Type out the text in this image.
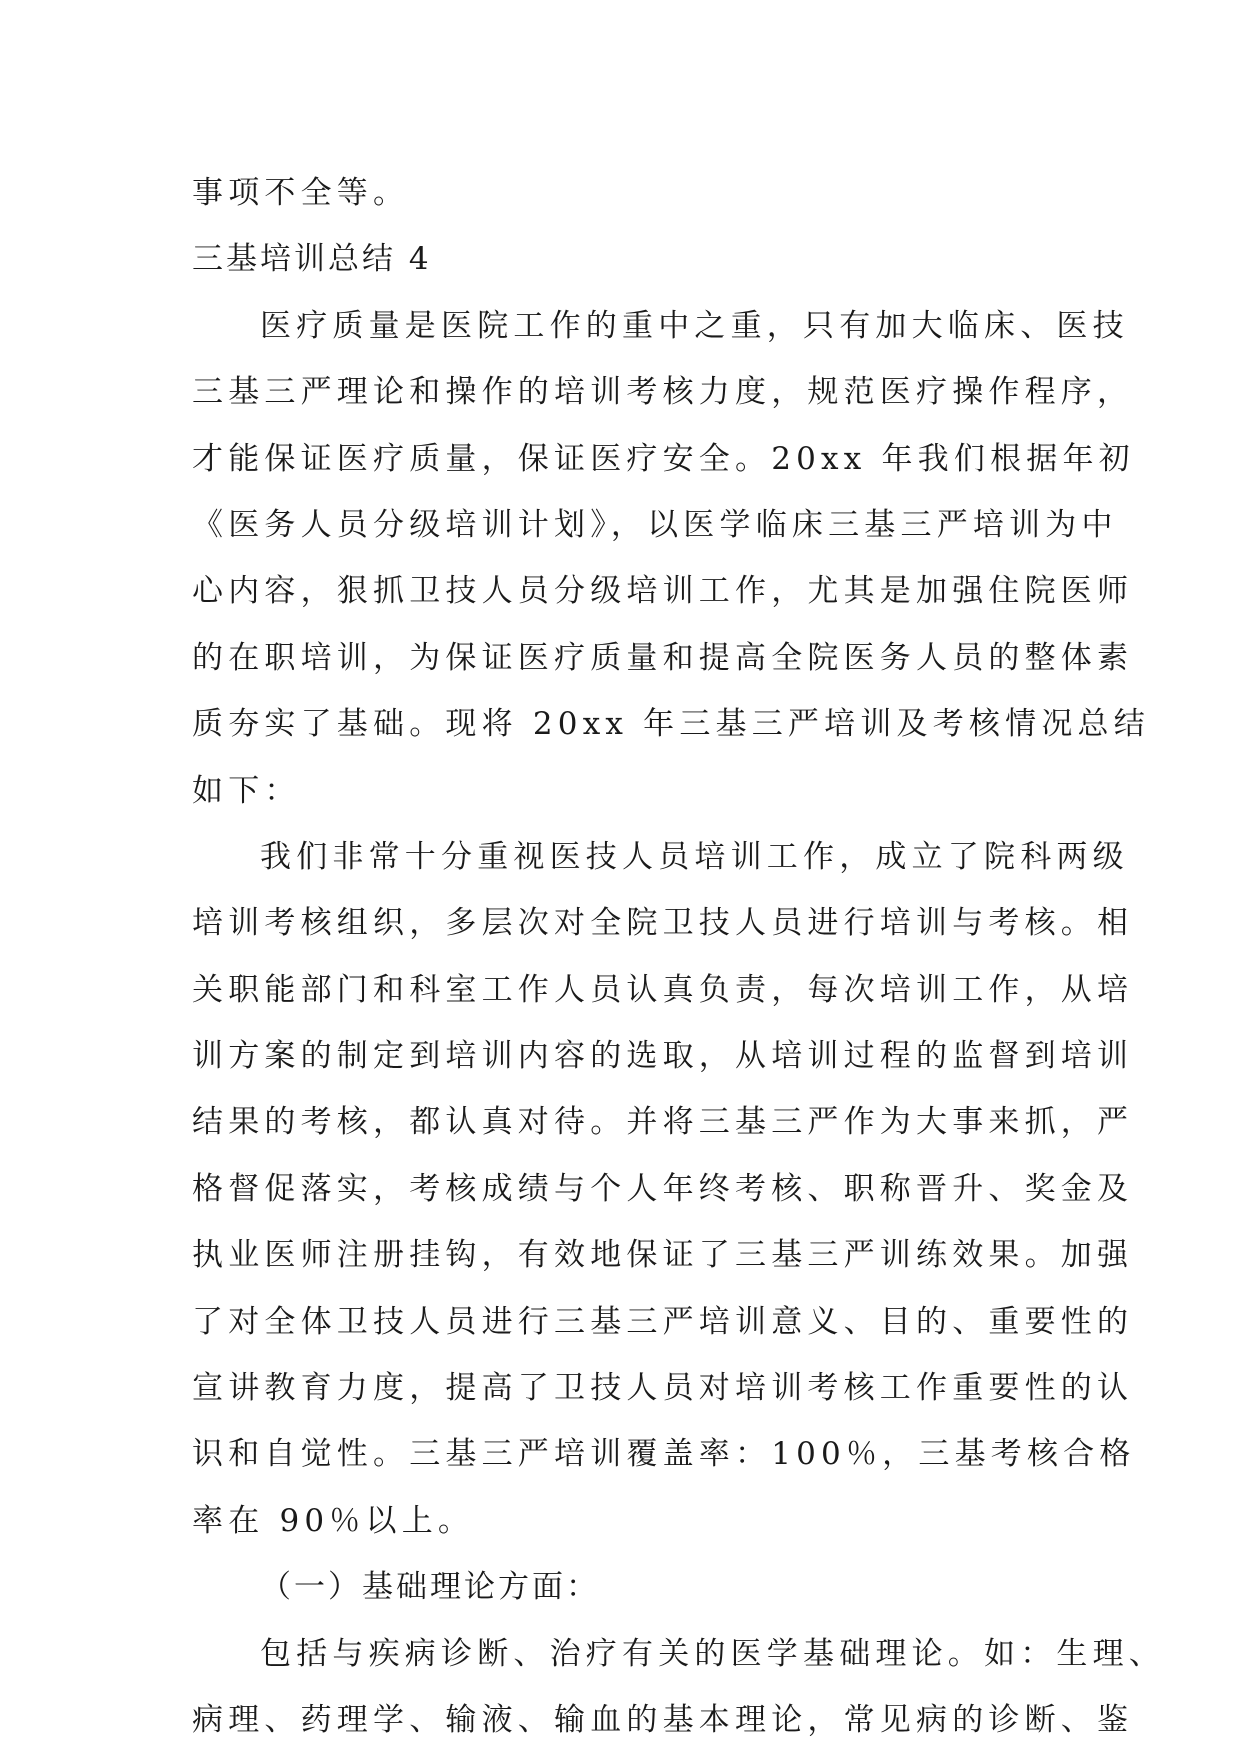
事项不全等。
三基培训总结 4
医疗质量是医院工作的重中之重，只有加大临床、医技
三基三严理论和操作的培训考核力度，规范医疗操作程序，
才能保证医疗质量，保证医疗安全。20xx 年我们根据年初
《医务人员分级培训计划》，以医学临床三基三严培训为中
心内容，狠抓卫技人员分级培训工作，尤其是加强住院医师
的在职培训，为保证医疗质量和提高全院医务人员的整体素
质夯实了基础。现将 20xx 年三基三严培训及考核情况总结
如下：
我们非常十分重视医技人员培训工作，成立了院科两级
培训考核组织，多层次对全院卫技人员进行培训与考核。相
关职能部门和科室工作人员认真负责，每次培训工作，从培
训方案的制定到培训内容的选取，从培训过程的监督到培训
结果的考核，都认真对待。并将三基三严作为大事来抓，严
格督促落实，考核成绩与个人年终考核、职称晋升、奖金及
执业医师注册挂钩，有效地保证了三基三严训练效果。加强
了对全体卫技人员进行三基三严培训意义、目的、重要性的
宣讲教育力度，提高了卫技人员对培训考核工作重要性的认
识和自觉性。三基三严培训覆盖率：100％，三基考核合格
率在 90％以上。
（一）基础理论方面：
包括与疾病诊断、治疗有关的医学基础理论。如：生理、
病理、药理学、输液、输血的基本理论，常见病的诊断、鉴
